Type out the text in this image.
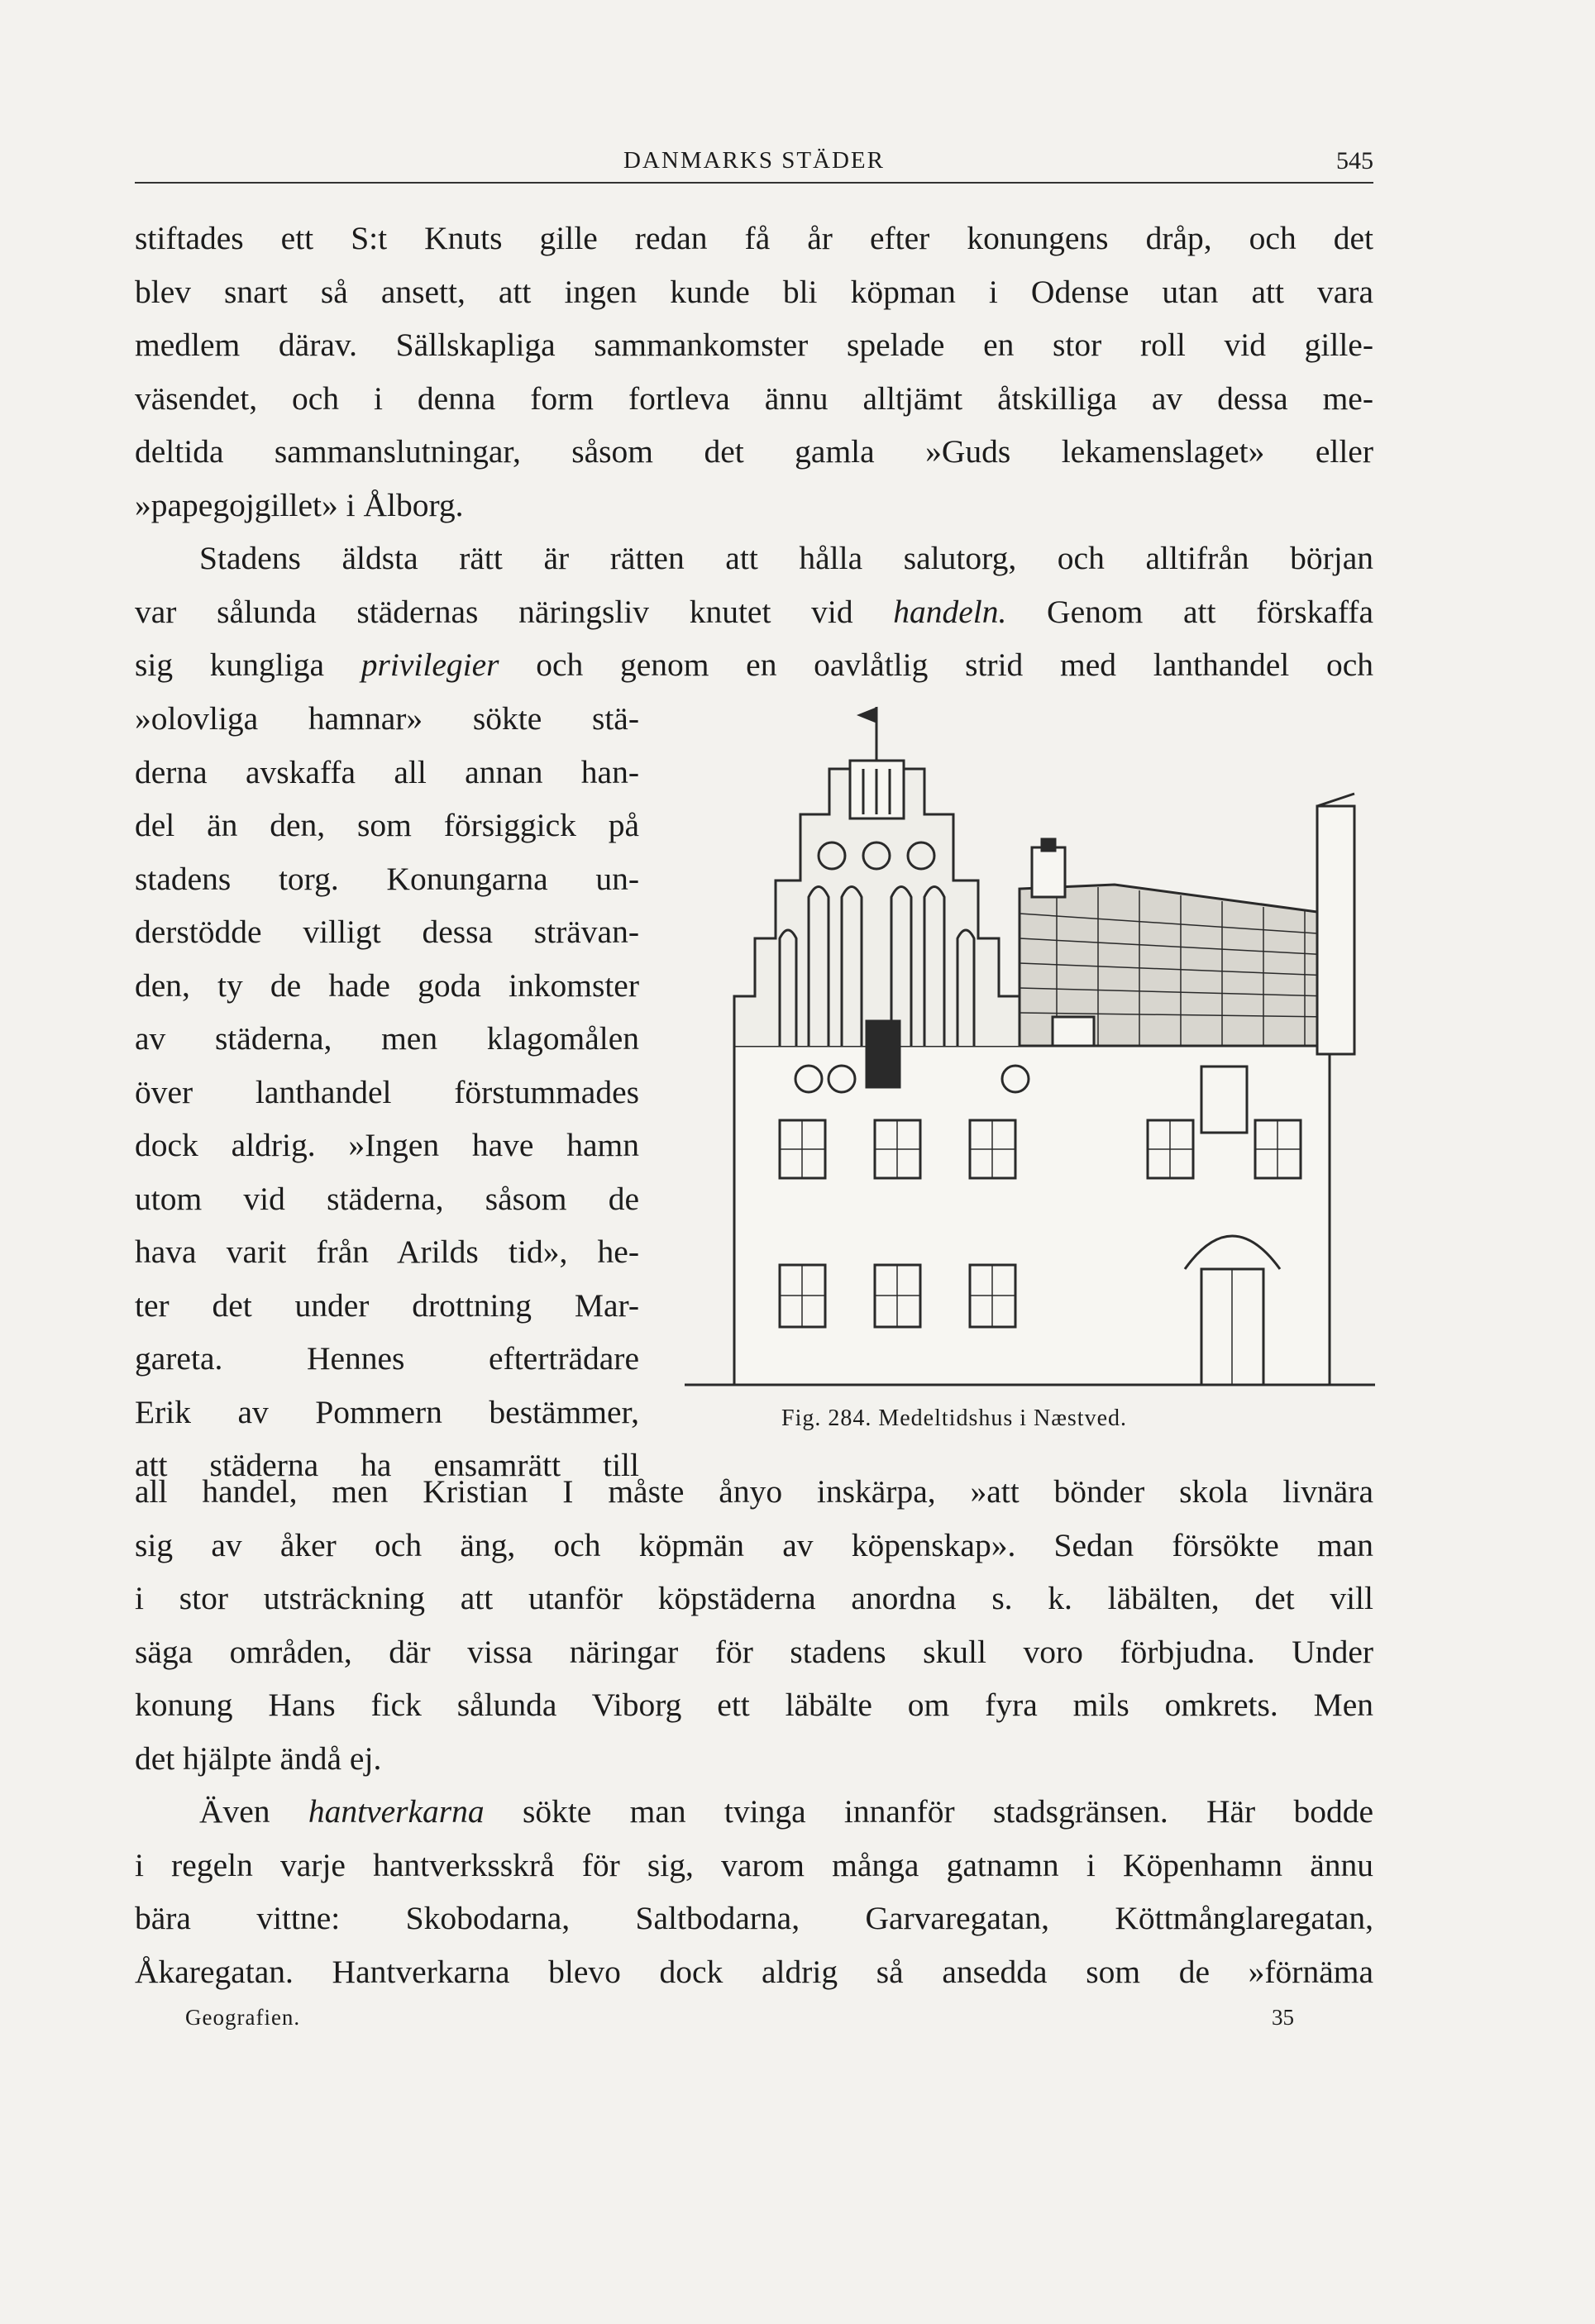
DANMARKS STÄDER	545

stiftades ett S:t Knuts gille redan få år efter konungens dråp, och det

blev snart så ansett, att ingen kunde bli köpman i Odense utan att vara

medlem därav. Sällskapliga sammankomster spelade en stor roll vid gille-

väsendet, och i denna form fortleva ännu alltjämt åtskilliga av dessa me-

deltida sammanslutningar, såsom det gamla »Guds lekamenslaget» eller

»papegojgillet» i Ålborg.

Stadens äldsta rätt är rätten att hålla salutorg, och alltifrån början

var sålunda städernas näringsliv knutet vid handeln. Genom att förskaffa

sig kungliga privilegier och genom en oavlåtlig strid med lanthandel och

»olovliga hamnar» sökte stä-
derna avskaffa all annan han-
del än den, som försiggick på
stadens torg. Konungarna un-
derstödde villigt dessa strävan-
den, ty de hade goda inkomster
av städerna, men klagomålen
över lanthandel förstummades
dock aldrig. »Ingen have hamn
utom vid städerna, såsom de
hava varit från Arilds tid», he-
ter det under drottning Mar-
gareta. Hennes efterträdare
Erik av Pommern bestämmer,
att städerna ha ensamrätt till
Fig. 284. Medeltidshus i Næstved.

all handel, men Kristian I måste ånyo inskärpa, »att bönder skola livnära

sig av åker och äng, och köpmän av köpenskap». Sedan försökte man

i stor utsträckning att utanför köpstäderna anordna s. k. läbälten, det vill

säga områden, där vissa näringar för stadens skull voro förbjudna. Under

konung Hans fick sålunda Viborg ett läbälte om fyra mils omkrets. Men

det hjälpte ändå ej.

Även hantverkarna sökte man tvinga innanför stadsgränsen. Här bodde

i regeln varje hantverksskrå för sig, varom många gatnamn i Köpenhamn ännu

bära vittne: Skobodarna, Saltbodarna, Garvaregatan, Köttmånglaregatan,

Åkaregatan. Hantverkarna blevo dock aldrig så ansedda som de »förnäma

Geografien.	35
